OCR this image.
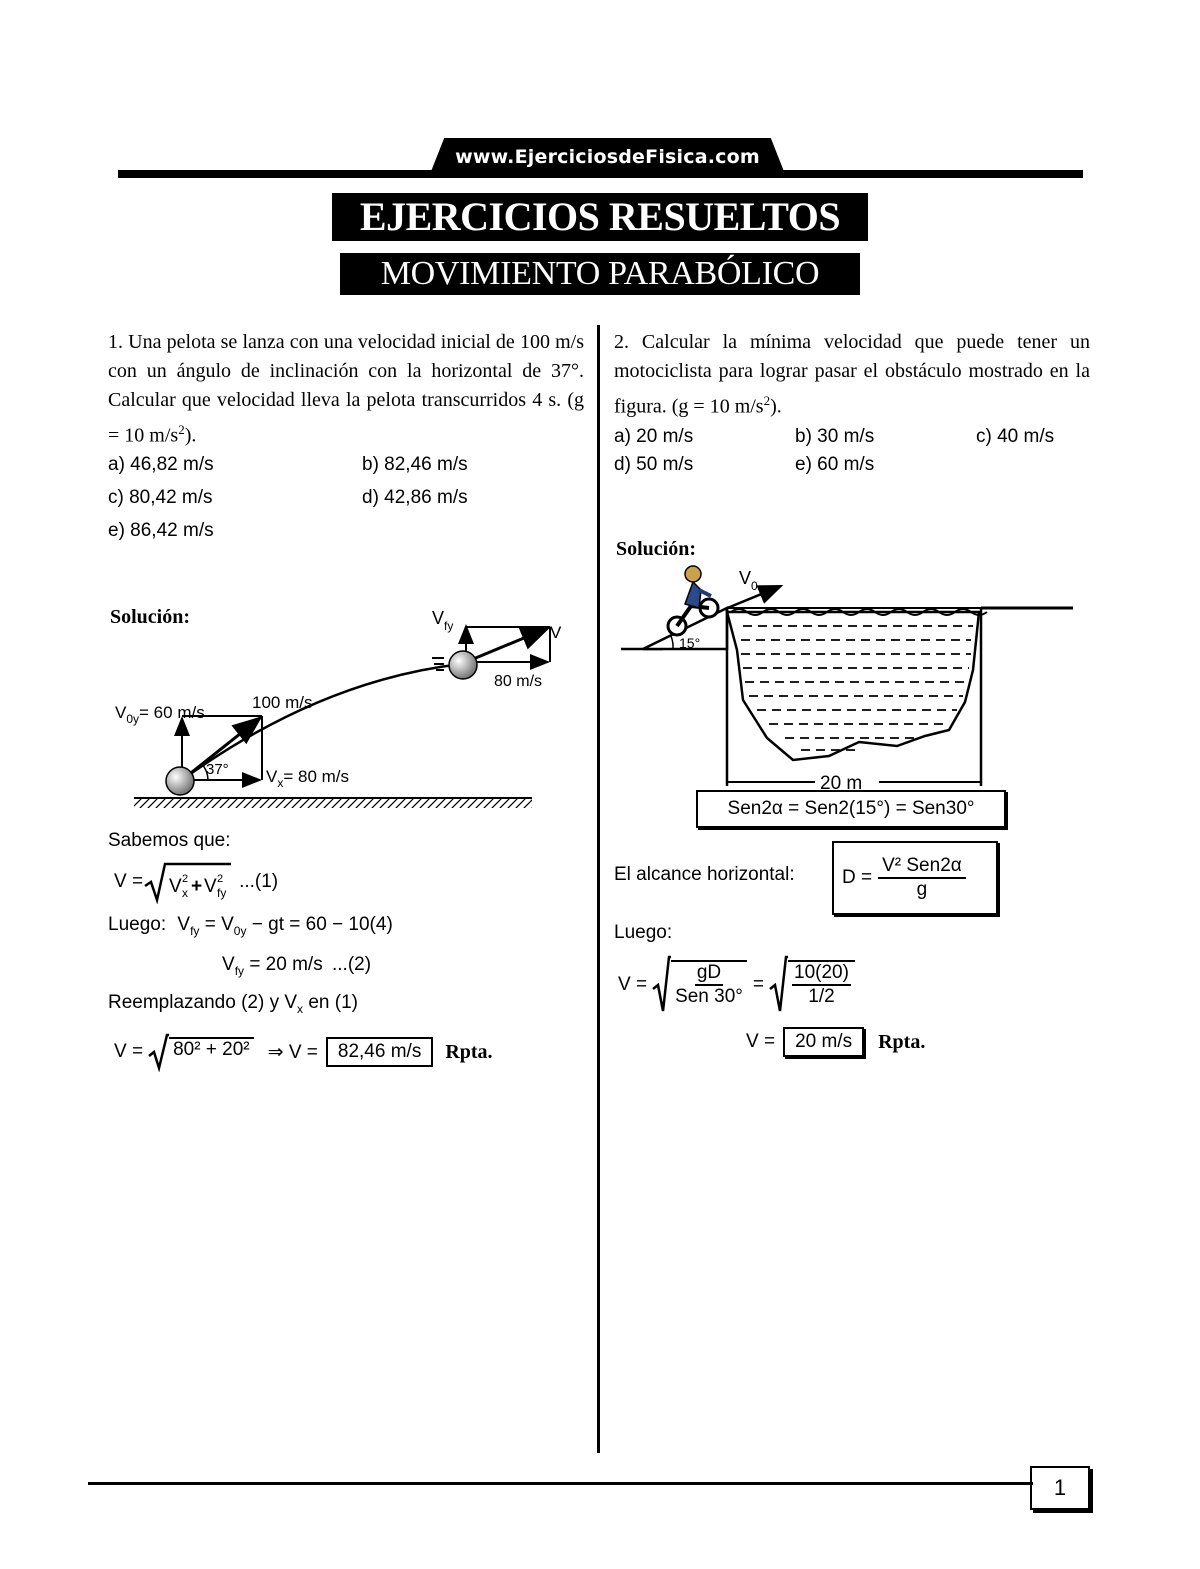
www.EjerciciosdeFisica.com
EJERCICIOS RESUELTOS
MOVIMIENTO PARABÓLICO
1. Una pelota se lanza con una velocidad inicial de 100 m/s con un ángulo de inclinación con la horizontal de 37°. Calcular que velocidad lleva la pelota transcurridos 4 s. (g = 10 $m/s^2$).
a) 46,82 m/s	b) 82,46 m/s
c) 80,42 m/s	d) 42,86 m/s
e) 86,42 m/s
Solución:
$V_{0y}= 60$ m/s
100 m/s
37° $V_x= 80$ m/s
$V_{fy}$	V
80 m/s
Sabemos que:
V = V x
2 + V fy
2 ...(1)
Luego: $V_{fy} = V_{0y}$ − gt = 60 − 10(4)
$V_{fy} = 20$ m/s ...(2)
Reemplazando (2) y $V_x$ en (1)
V = 80² + 20² ⇒ V =	82,46 m/s	Rpta.
2. Calcular la mínima velocidad que puede tener un motociclista para lograr pasar el obstáculo mostrado en la figura. (g = 10 $m/s^2$).
a) 20 m/s	b) 30 m/s	c) 40 m/s
d) 50 m/s	e) 60 m/s
Solución:
15°
$V_0$
20 m
Sen2α = Sen2(15°) = Sen30°
El alcance horizontal: D =
V² Sen2α
g
Luego:
V =
gD
Sen 30°
= $\frac{10(20)}{1/2}$
V =	20 m/s	Rpta.
1
